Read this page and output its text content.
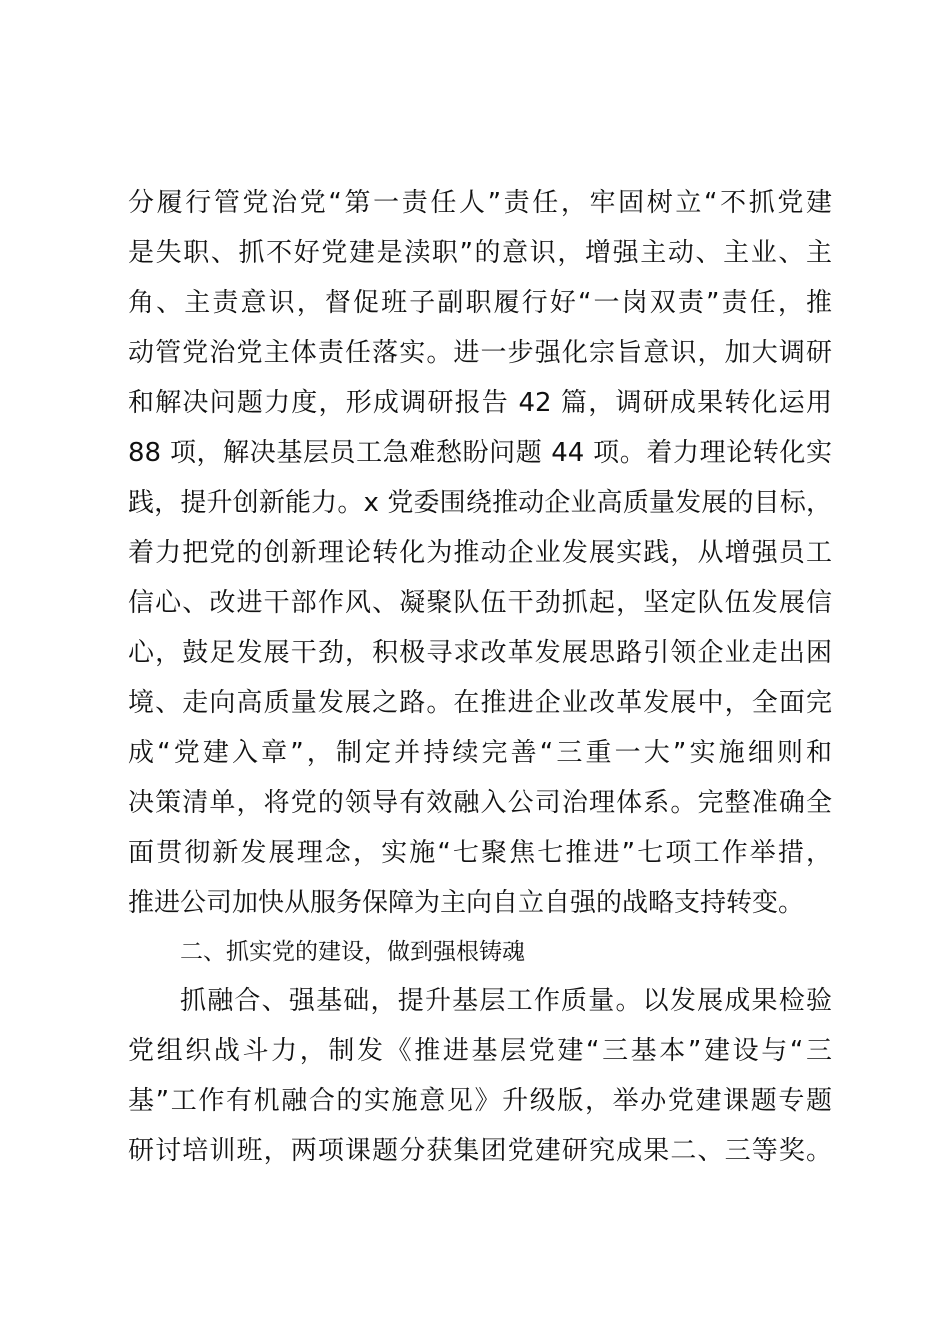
分履行管党治党“第一责任人”责任，牢固树立“不抓党建
是失职、抓不好党建是渎职”的意识，增强主动、主业、主
角、主责意识，督促班子副职履行好“一岗双责”责任，推
动管党治党主体责任落实。进一步强化宗旨意识，加大调研
和解决问题力度，形成调研报告 42 篇，调研成果转化运用
88 项，解决基层员工急难愁盼问题 44 项。着力理论转化实
践，提升创新能力。x 党委围绕推动企业高质量发展的目标，
着力把党的创新理论转化为推动企业发展实践，从增强员工
信心、改进干部作风、凝聚队伍干劲抓起，坚定队伍发展信
心，鼓足发展干劲，积极寻求改革发展思路引领企业走出困
境、走向高质量发展之路。在推进企业改革发展中，全面完
成“党建入章”，制定并持续完善“三重一大”实施细则和
决策清单，将党的领导有效融入公司治理体系。完整准确全
面贯彻新发展理念，实施“七聚焦七推进”七项工作举措，
推进公司加快从服务保障为主向自立自强的战略支持转变。
二、抓实党的建设，做到强根铸魂
抓融合、强基础，提升基层工作质量。以发展成果检验
党组织战斗力，制发《推进基层党建“三基本”建设与“三
基”工作有机融合的实施意见》升级版，举办党建课题专题
研讨培训班，两项课题分获集团党建研究成果二、三等奖。
